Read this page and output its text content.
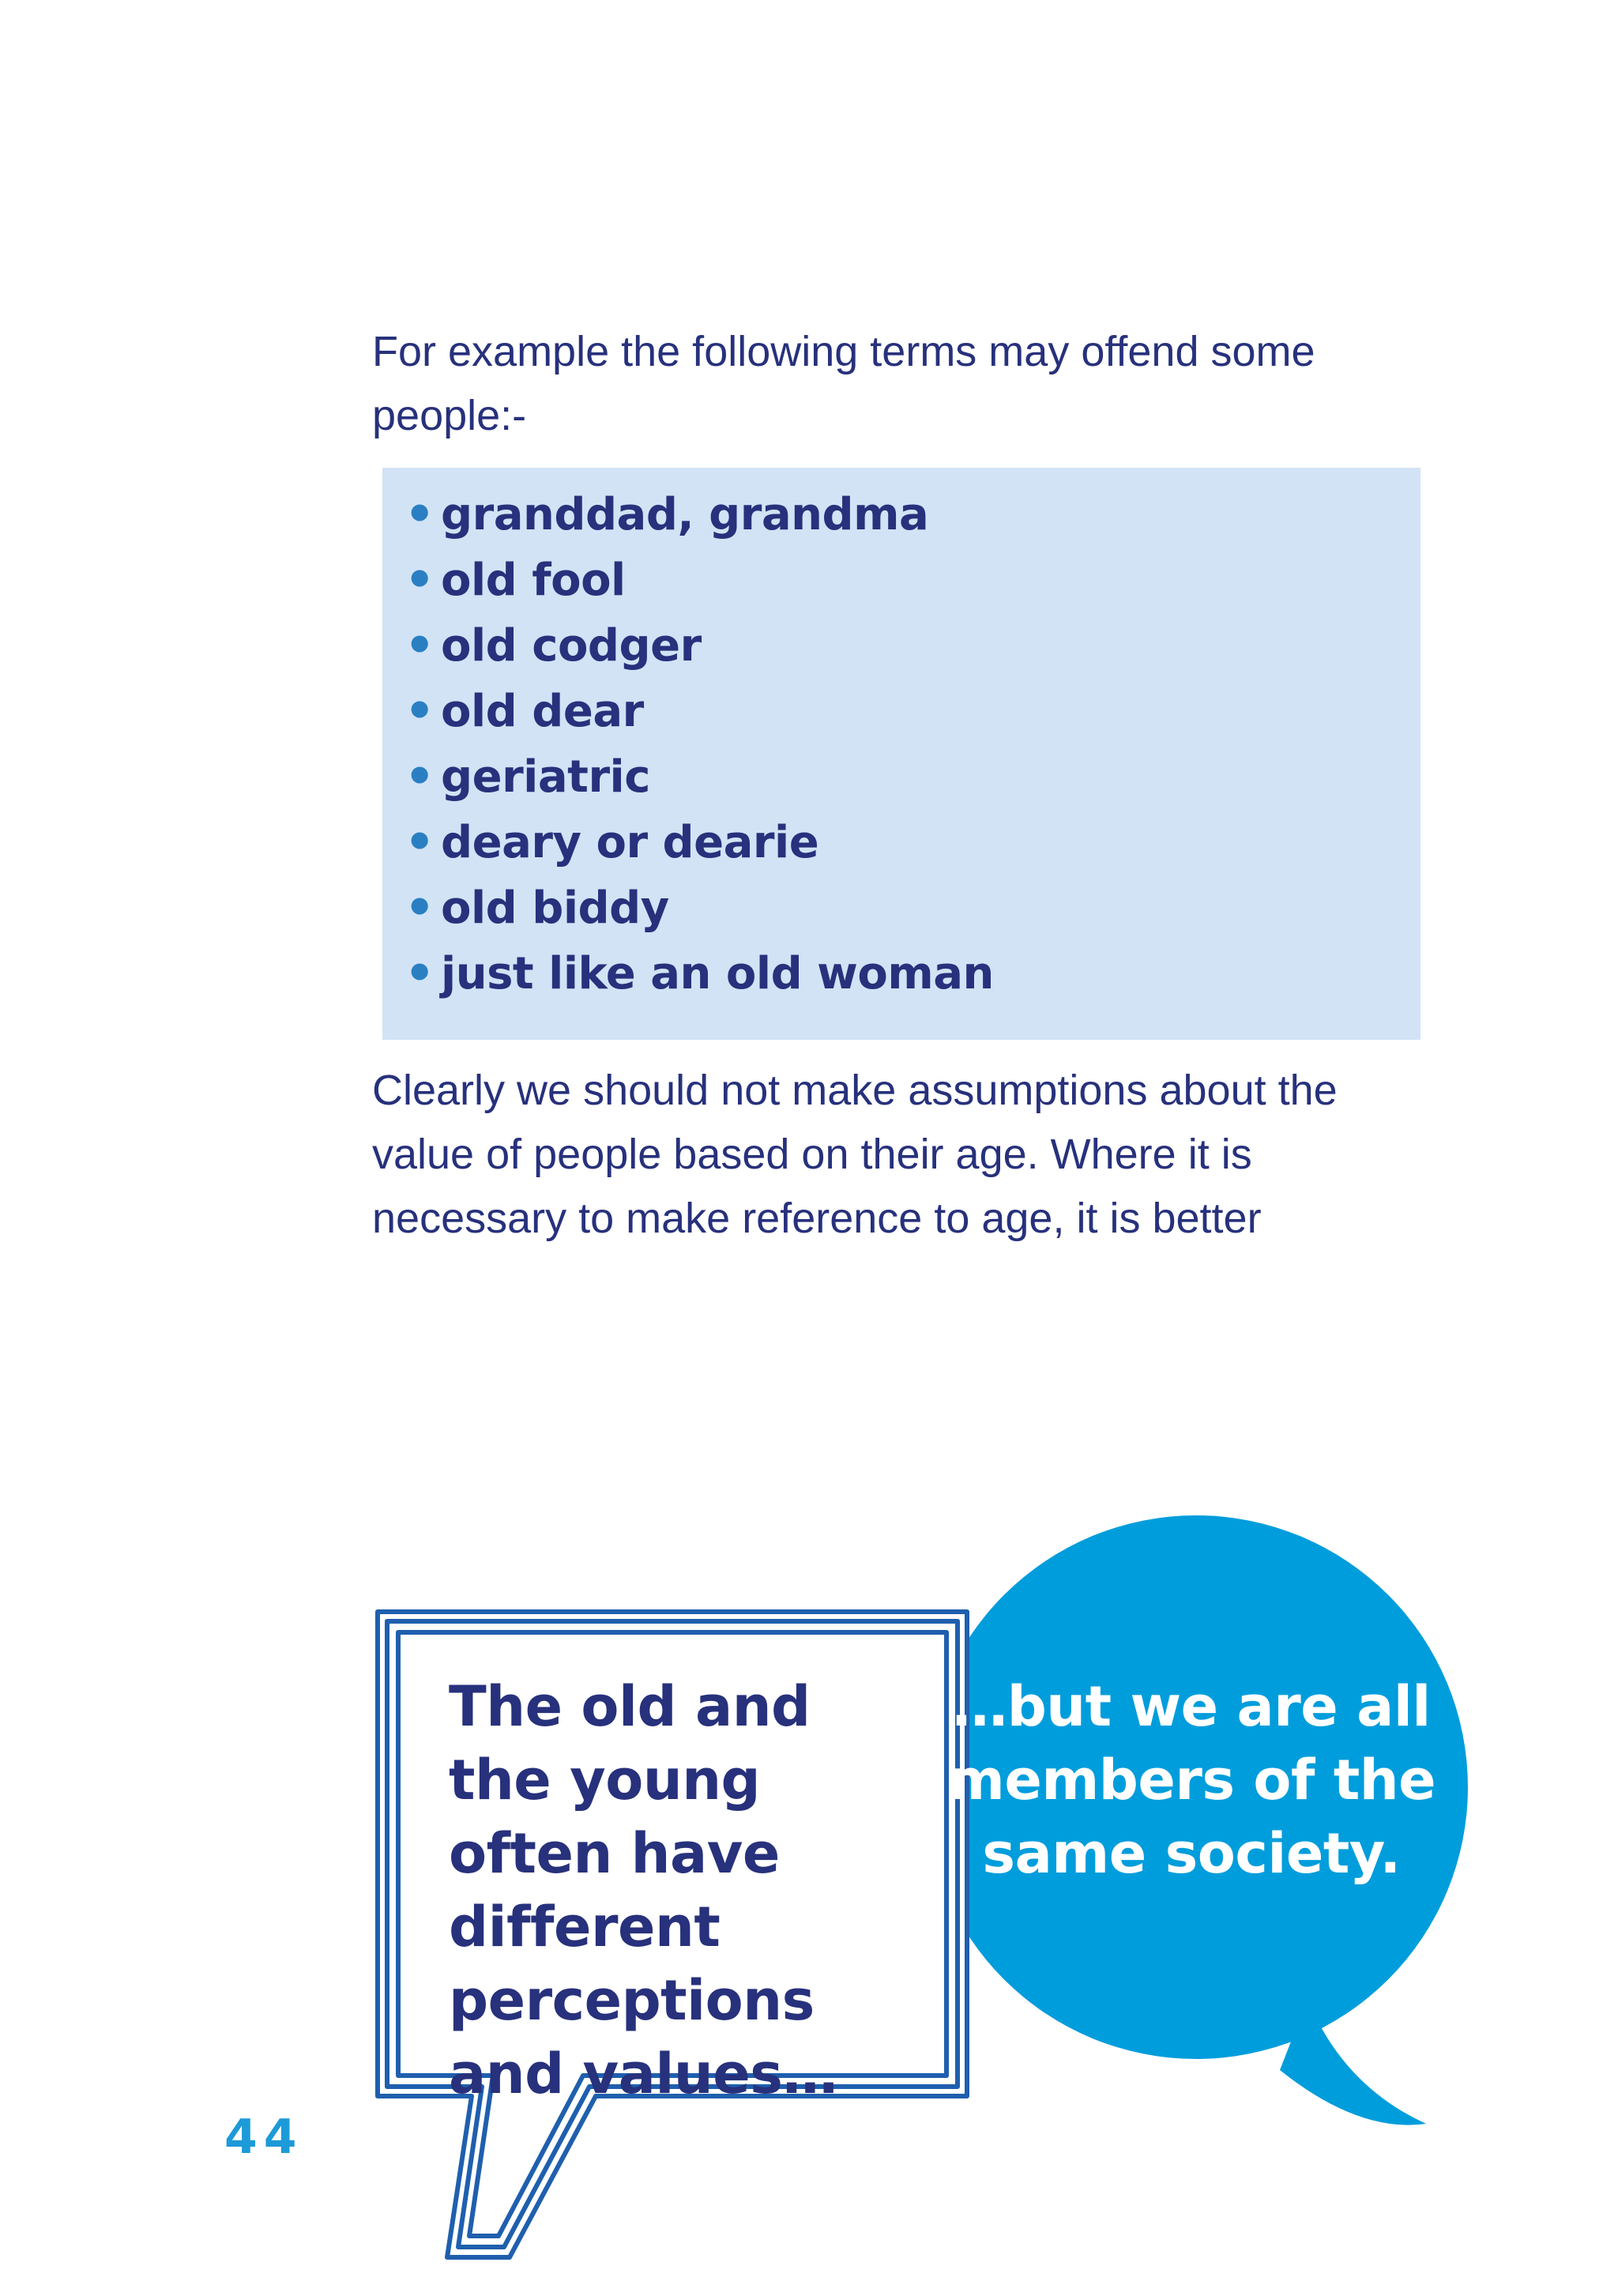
For example the following terms may offend some people:-

• granddad, grandma
• old fool
• old codger
• old dear
• geriatric
• deary or dearie
• old biddy
• just like an old woman

Clearly we should not make assumptions about the value of people based on their age. Where it is necessary to make reference to age, it is better

The old and the young often have different perceptions and values…

…but we are all members of the same society.

44
